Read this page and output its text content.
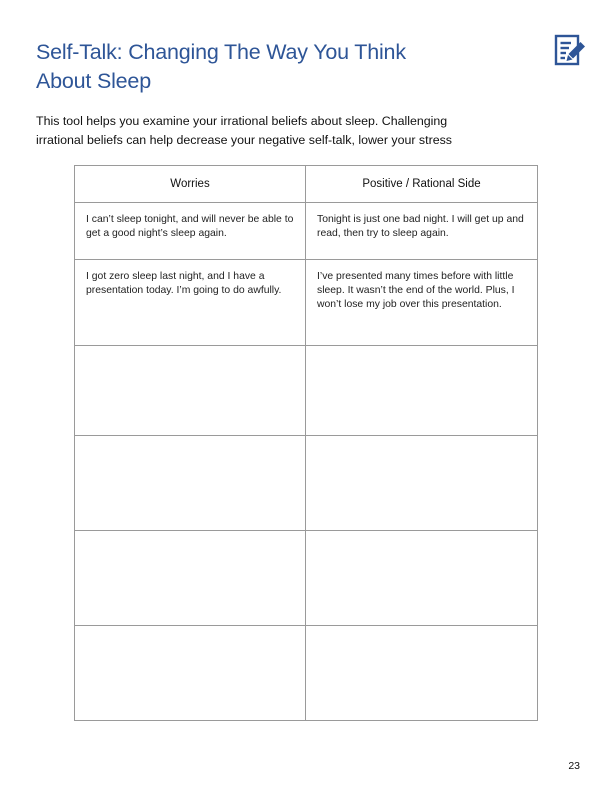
Self-Talk: Changing The Way You Think
About Sleep

This tool helps you examine your irrational beliefs about sleep. Challenging
irrational beliefs can help decrease your negative self-talk, lower your stress

Worries	Positive / Rational Side
I can’t sleep tonight, and will never be able to get a good night’s sleep again.	Tonight is just one bad night. I will get up and read, then try to sleep again.
I got zero sleep last night, and I have a presentation today. I’m going to do awfully.	I’ve presented many times before with little sleep. It wasn’t the end of the world. Plus, I won’t lose my job over this presentation.

23
